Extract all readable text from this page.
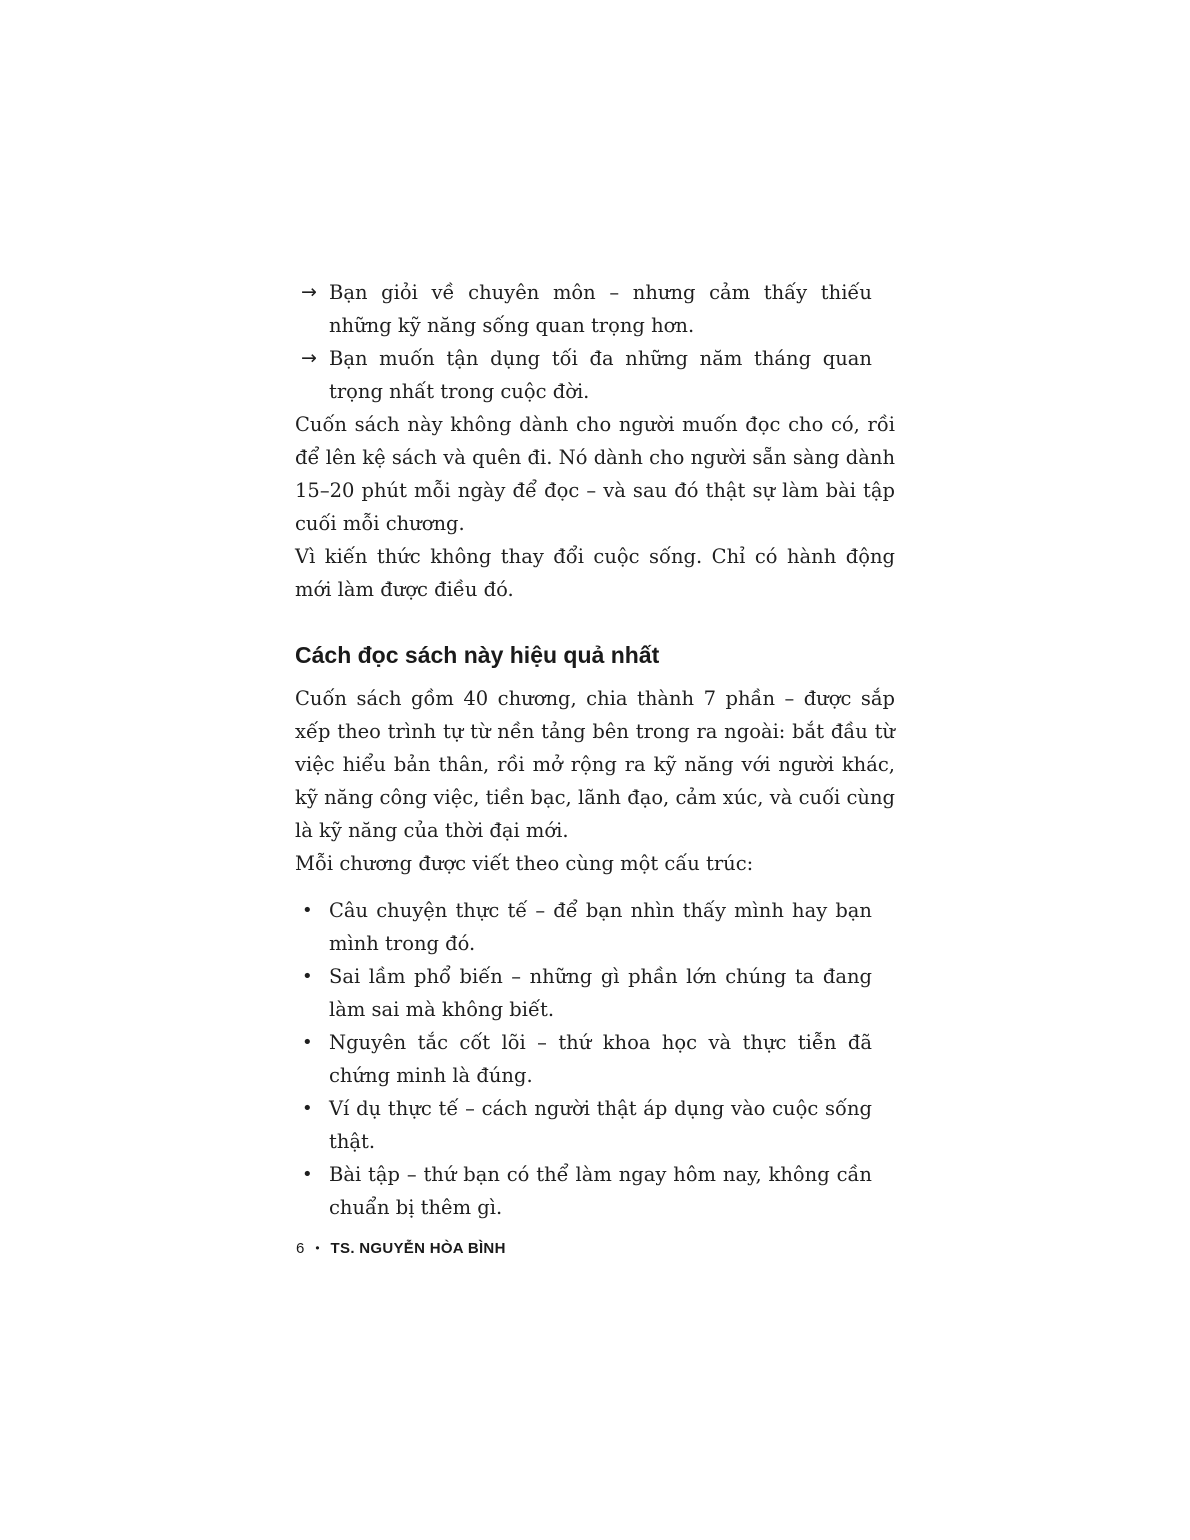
→ Bạn giỏi về chuyên môn – nhưng cảm thấy thiếu những kỹ năng sống quan trọng hơn.
→ Bạn muốn tận dụng tối đa những năm tháng quan trọng nhất trong cuộc đời.

Cuốn sách này không dành cho người muốn đọc cho có, rồi để lên kệ sách và quên đi. Nó dành cho người sẵn sàng dành 15–20 phút mỗi ngày để đọc – và sau đó thật sự làm bài tập cuối mỗi chương.

Vì kiến thức không thay đổi cuộc sống. Chỉ có hành động mới làm được điều đó.

Cách đọc sách này hiệu quả nhất

Cuốn sách gồm 40 chương, chia thành 7 phần – được sắp xếp theo trình tự từ nền tảng bên trong ra ngoài: bắt đầu từ việc hiểu bản thân, rồi mở rộng ra kỹ năng với người khác, kỹ năng công việc, tiền bạc, lãnh đạo, cảm xúc, và cuối cùng là kỹ năng của thời đại mới.

Mỗi chương được viết theo cùng một cấu trúc:

• Câu chuyện thực tế – để bạn nhìn thấy mình hay bạn mình trong đó.
• Sai lầm phổ biến – những gì phần lớn chúng ta đang làm sai mà không biết.
• Nguyên tắc cốt lõi – thứ khoa học và thực tiễn đã chứng minh là đúng.
• Ví dụ thực tế – cách người thật áp dụng vào cuộc sống thật.
• Bài tập – thứ bạn có thể làm ngay hôm nay, không cần chuẩn bị thêm gì.
6 • TS. NGUYỄN HÒA BÌNH
